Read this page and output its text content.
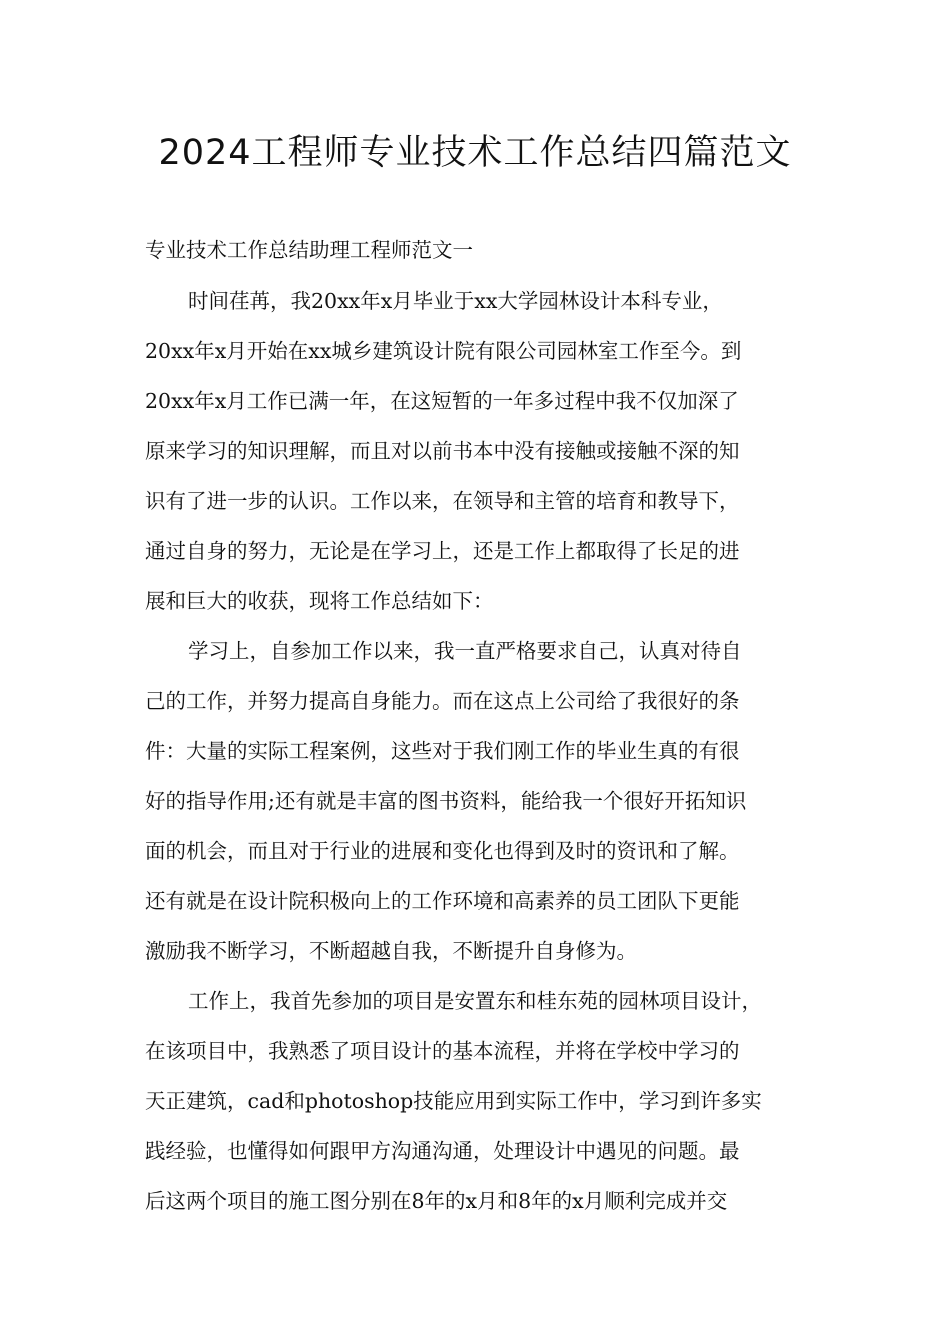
2024工程师专业技术工作总结四篇范文

专业技术工作总结助理工程师范文一

时间荏苒，我20xx年x月毕业于xx大学园林设计本科专业，
20xx年x月开始在xx城乡建筑设计院有限公司园林室工作至今。到
20xx年x月工作已满一年，在这短暂的一年多过程中我不仅加深了
原来学习的知识理解，而且对以前书本中没有接触或接触不深的知
识有了进一步的认识。工作以来，在领导和主管的培育和教导下，
通过自身的努力，无论是在学习上，还是工作上都取得了长足的进
展和巨大的收获，现将工作总结如下：
学习上，自参加工作以来，我一直严格要求自己，认真对待自
己的工作，并努力提高自身能力。而在这点上公司给了我很好的条
件：大量的实际工程案例，这些对于我们刚工作的毕业生真的有很
好的指导作用;还有就是丰富的图书资料，能给我一个很好开拓知识
面的机会，而且对于行业的进展和变化也得到及时的资讯和了解。
还有就是在设计院积极向上的工作环境和高素养的员工团队下更能
激励我不断学习，不断超越自我，不断提升自身修为。
工作上，我首先参加的项目是安置东和桂东苑的园林项目设计，
在该项目中，我熟悉了项目设计的基本流程，并将在学校中学习的
天正建筑，cad和photoshop技能应用到实际工作中，学习到许多实
践经验，也懂得如何跟甲方沟通沟通，处理设计中遇见的问题。最
后这两个项目的施工图分别在8年的x月和8年的x月顺利完成并交
